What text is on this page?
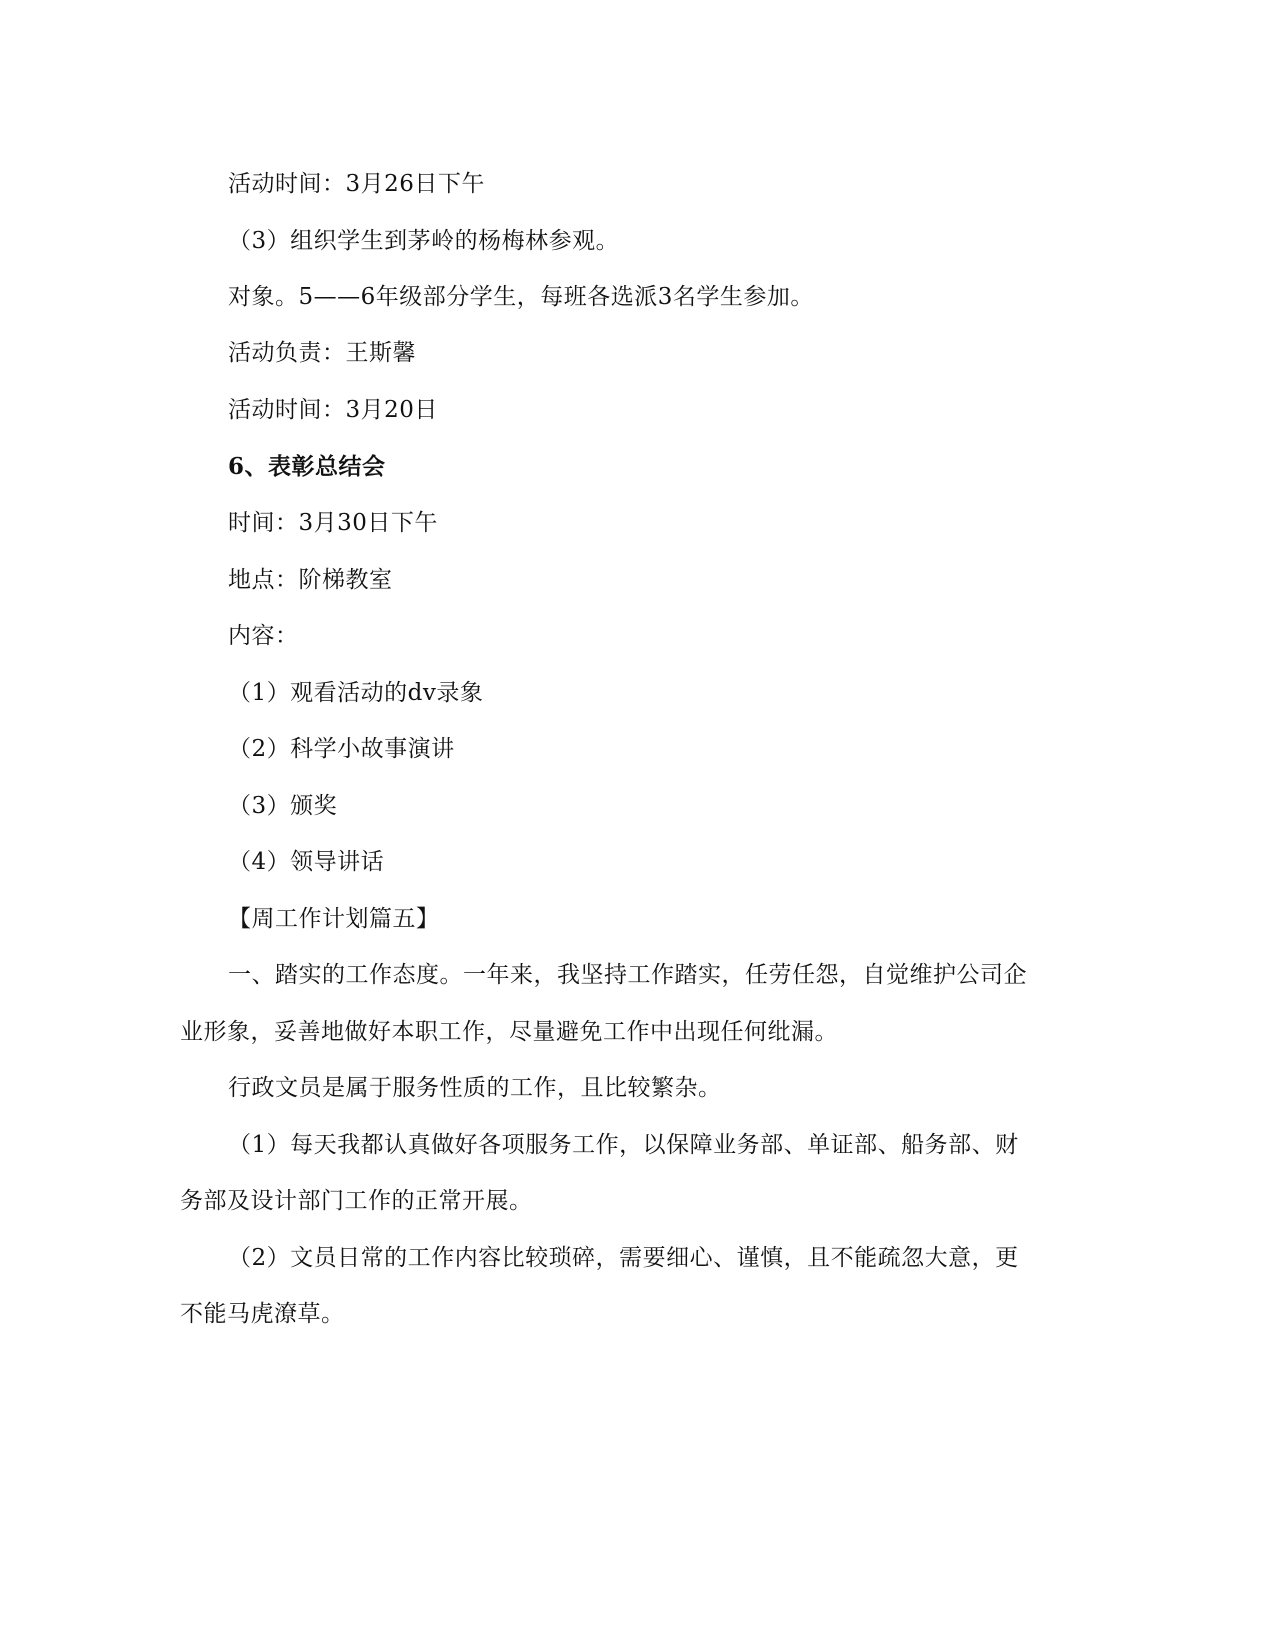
活动时间：3月26日下午
（3）组织学生到茅岭的杨梅林参观。
对象。5——6年级部分学生，每班各选派3名学生参加。
活动负责：王斯馨
活动时间：3月20日
6、表彰总结会
时间：3月30日下午
地点：阶梯教室
内容：
（1）观看活动的dv录象
（2）科学小故事演讲
（3）颁奖
（4）领导讲话
【周工作计划篇五】
一、踏实的工作态度。一年来，我坚持工作踏实，任劳任怨，自觉维护公司企
业形象，妥善地做好本职工作，尽量避免工作中出现任何纰漏。
行政文员是属于服务性质的工作，且比较繁杂。
（1）每天我都认真做好各项服务工作，以保障业务部、单证部、船务部、财
务部及设计部门工作的正常开展。
（2）文员日常的工作内容比较琐碎，需要细心、谨慎，且不能疏忽大意，更
不能马虎潦草。
